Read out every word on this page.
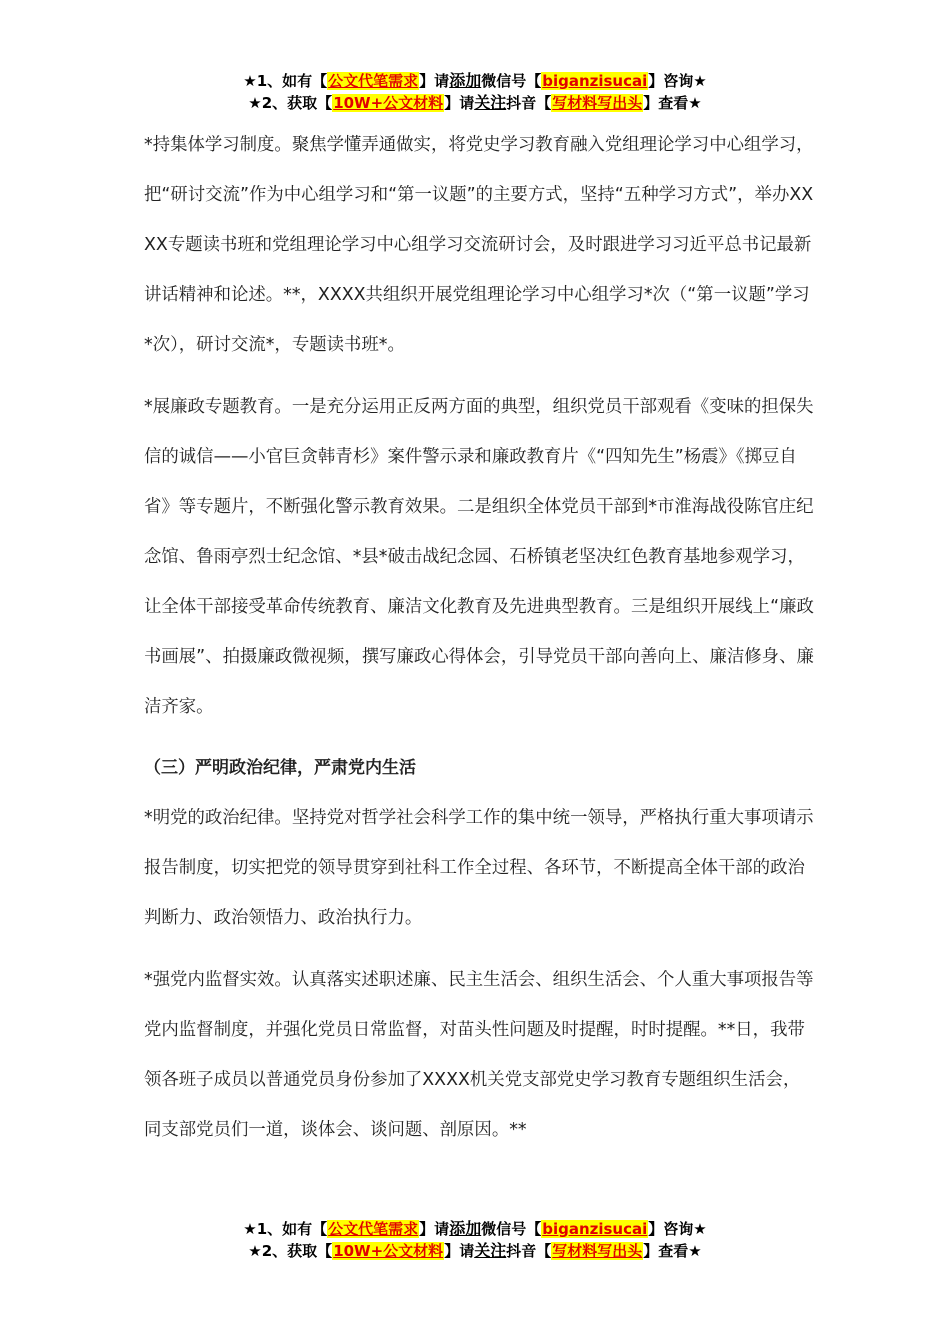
★1、如有【公文代笔需求】请添加微信号【biganzisucai】咨询★
★2、获取【10W+公文材料】请关注抖音【写材料写出头】查看★

*持集体学习制度。聚焦学懂弄通做实，将党史学习教育融入党组理论学习中心组学习，把“研讨交流”作为中心组学习和“第一议题”的主要方式，坚持“五种学习方式”，举办XXXX专题读书班和党组理论学习中心组学习交流研讨会，及时跟进学习习近平总书记最新讲话精神和论述。**，XXXX共组织开展党组理论学习中心组学习*次（“第一议题”学习*次），研讨交流*，专题读书班*。

*展廉政专题教育。一是充分运用正反两方面的典型，组织党员干部观看《变味的担保失信的诚信——小官巨贪韩青杉》案件警示录和廉政教育片《“四知先生”杨震》《掷豆自省》等专题片，不断强化警示教育效果。二是组织全体党员干部到*市淮海战役陈官庄纪念馆、鲁雨亭烈士纪念馆、*县*破击战纪念园、石桥镇老坚决红色教育基地参观学习，让全体干部接受革命传统教育、廉洁文化教育及先进典型教育。三是组织开展线上“廉政书画展”、拍摄廉政微视频，撰写廉政心得体会，引导党员干部向善向上、廉洁修身、廉洁齐家。

（三）严明政治纪律，严肃党内生活

*明党的政治纪律。坚持党对哲学社会科学工作的集中统一领导，严格执行重大事项请示报告制度，切实把党的领导贯穿到社科工作全过程、各环节，不断提高全体干部的政治判断力、政治领悟力、政治执行力。

*强党内监督实效。认真落实述职述廉、民主生活会、组织生活会、个人重大事项报告等党内监督制度，并强化党员日常监督，对苗头性问题及时提醒，时时提醒。**日，我带领各班子成员以普通党员身份参加了XXXX机关党支部党史学习教育专题组织生活会，同支部党员们一道，谈体会、谈问题、剖原因。**

★1、如有【公文代笔需求】请添加微信号【biganzisucai】咨询★
★2、获取【10W+公文材料】请关注抖音【写材料写出头】查看★
